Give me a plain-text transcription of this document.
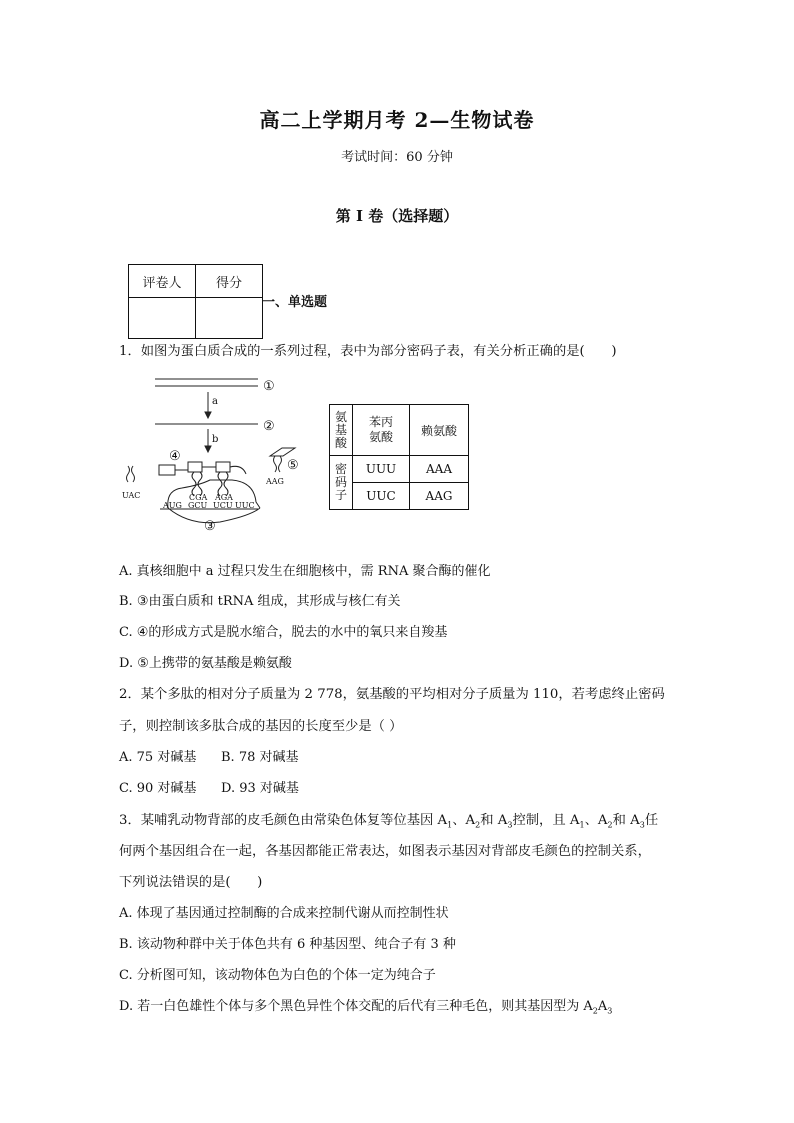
高二上学期月考 2—生物试卷
考试时间：60 分钟
第 I 卷（选择题）
评卷人	得分

一、单选题
1．如图为蛋白质合成的一系列过程，表中为部分密码子表，有关分析正确的是(　　)
①
②
③
④
⑤
a
b
UAC
AAG
CGA AGA
AUG GCU UCU UUC
氨基酸	苯丙氨酸	赖氨酸
密码子	UUU	AAA
	UUC	AAG
A. 真核细胞中 a 过程只发生在细胞核中，需 RNA 聚合酶的催化
B. ③由蛋白质和 tRNA 组成，其形成与核仁有关
C. ④的形成方式是脱水缩合，脱去的水中的氧只来自羧基
D. ⑤上携带的氨基酸是赖氨酸
2．某个多肽的相对分子质量为 2 778，氨基酸的平均相对分子质量为 110，若考虑终止密码
子，则控制该多肽合成的基因的长度至少是（ ）
A. 75 对碱基 B. 78 对碱基
C. 90 对碱基 D. 93 对碱基
3．某哺乳动物背部的皮毛颜色由常染色体复等位基因 $A_1$、$A_2$和 $A_3$控制，且 $A_1$、$A_2$和 $A_3$任
何两个基因组合在一起，各基因都能正常表达，如图表示基因对背部皮毛颜色的控制关系，
下列说法错误的是(　　)
A. 体现了基因通过控制酶的合成来控制代谢从而控制性状
B. 该动物种群中关于体色共有 6 种基因型、纯合子有 3 种
C. 分析图可知，该动物体色为白色的个体一定为纯合子
D. 若一白色雄性个体与多个黑色异性个体交配的后代有三种毛色，则其基因型为 $A_2A_3$
